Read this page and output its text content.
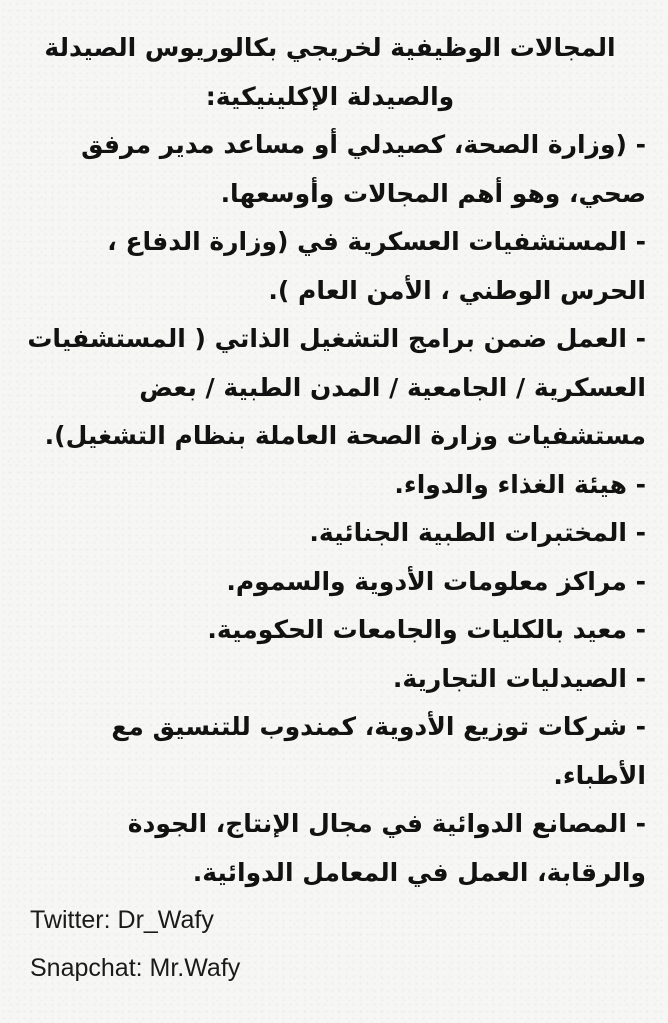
المجالات الوظيفية لخريجي بكالوريوس الصيدلة والصيدلة الإكلينيكية:
- (وزارة الصحة، كصيدلي أو مساعد مدير مرفق صحي، وهو أهم المجالات وأوسعها.
- المستشفيات العسكرية في (وزارة الدفاع ، الحرس الوطني ، الأمن العام ).
- العمل ضمن برامج التشغيل الذاتي ( المستشفيات العسكرية / الجامعية / المدن الطبية / بعض مستشفيات وزارة الصحة العاملة بنظام التشغيل).
- هيئة الغذاء والدواء.
- المختبرات الطبية الجنائية.
- مراكز معلومات الأدوية والسموم.
- معيد بالكليات والجامعات الحكومية.
- الصيدليات التجارية.
- شركات توزيع الأدوية، كمندوب للتنسيق مع الأطباء.
- المصانع الدوائية في مجال الإنتاج، الجودة والرقابة، العمل في المعامل الدوائية.
Twitter: Dr_Wafy
Snapchat: Mr.Wafy
